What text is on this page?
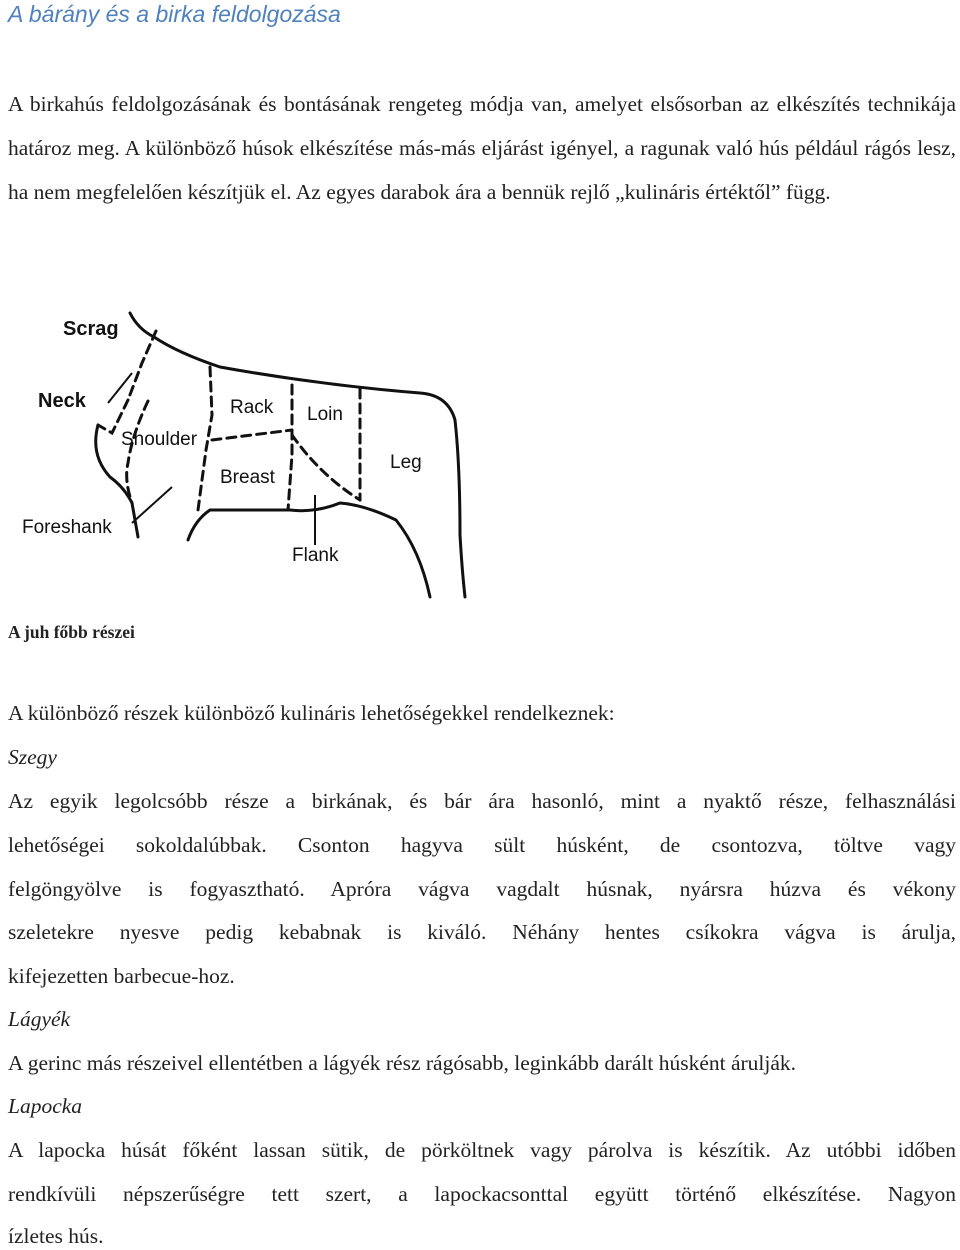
A bárány és a birka feldolgozása

A birkahús feldolgozásának és bontásának rengeteg módja van, amelyet elsősorban az elkészítés technikája határoz meg. A különböző húsok elkészítése más-más eljárást igényel, a ragunak való hús például rágós lesz, ha nem megfelelően készítjük el. Az egyes darabok ára a bennük rejlő „kulináris értéktől” függ.

Scrag
Neck
Shoulder
Rack Loin
Leg
Breast
Foreshank
Flank

A juh főbb részei

A különböző részek különböző kulináris lehetőségekkel rendelkeznek:

Szegy

Az egyik legolcsóbb része a birkának, és bár ára hasonló, mint a nyaktő része, felhasználási

lehetőségei sokoldalúbbak. Csonton hagyva sült húsként, de csontozva, töltve vagy

felgöngyölve is fogyasztható. Apróra vágva vagdalt húsnak, nyársra húzva és vékony

szeletekre nyesve pedig kebabnak is kiváló. Néhány hentes csíkokra vágva is árulja,

kifejezetten barbecue-hoz.

Lágyék

A gerinc más részeivel ellentétben a lágyék rész rágósabb, leginkább darált húsként árulják.

Lapocka

A lapocka húsát főként lassan sütik, de pörköltnek vagy párolva is készítik. Az utóbbi időben

rendkívüli népszerűségre tett szert, a lapockacsonttal együtt történő elkészítése. Nagyon

ízletes hús.
